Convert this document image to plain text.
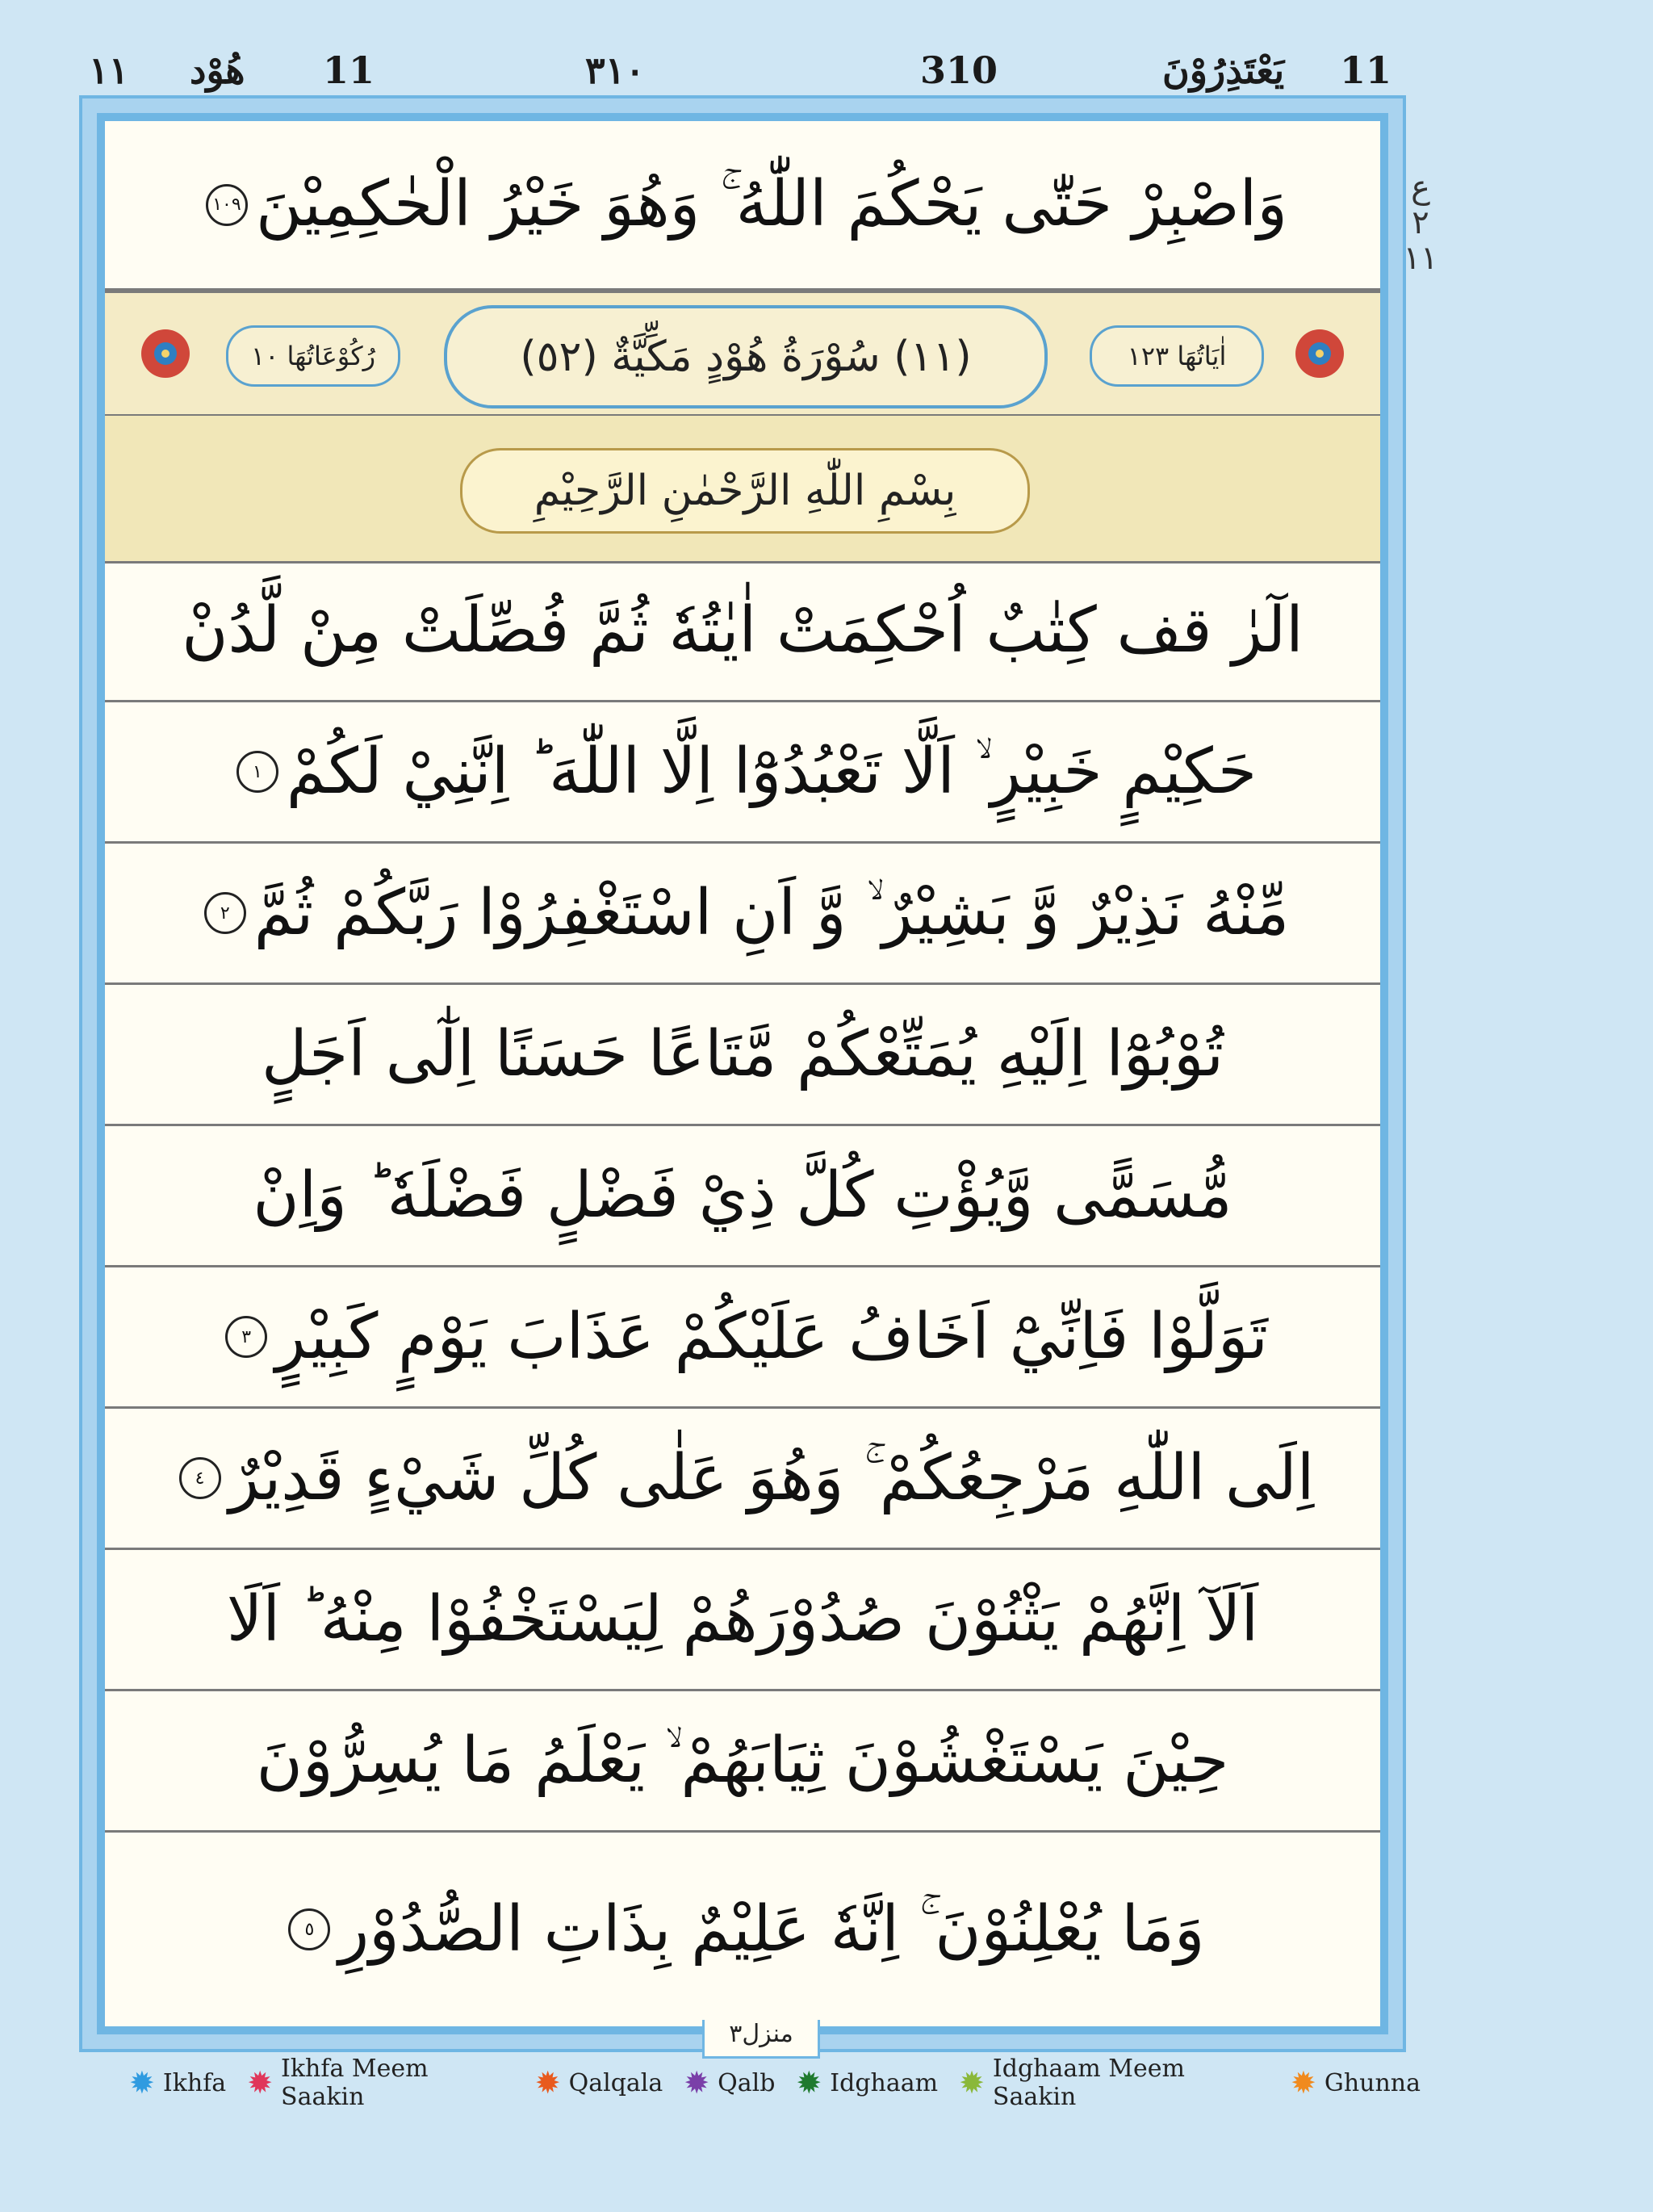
11
يَعْتَذِرُوْنَ
310
٣١٠
11
هُوْد
١١
ع ٢ ١١
وَاصْبِرْ حَتّٰى يَحْكُمَ اللّٰهُ ۚ وَهُوَ خَيْرُ الْحٰكِمِيْنَ
١٠٩
رُكُوْعَاتُهَا ١٠	(١١) سُوْرَةُ هُوْدٍ مَكِّيَّةٌ (٥٢)	اٰيَاتُهَا ١٢٣
بِسْمِ اللّٰهِ الرَّحْمٰنِ الرَّحِيْمِ
الٓرٰ قف كِتٰبٌ اُحْكِمَتْ اٰيٰتُهٗ ثُمَّ فُصِّلَتْ مِنْ لَّدُنْ
حَكِيْمٍ خَبِيْرٍ ۙ اَلَّا تَعْبُدُوْٓا اِلَّا اللّٰهَ ؕ اِنَّنِيْ لَكُمْ
١
مِّنْهُ نَذِيْرٌ وَّ بَشِيْرٌ ۙ وَّ اَنِ اسْتَغْفِرُوْا رَبَّكُمْ ثُمَّ
٢
تُوْبُوْٓا اِلَيْهِ يُمَتِّعْكُمْ مَّتَاعًا حَسَنًا اِلٰٓى اَجَلٍ
مُّسَمًّى وَّيُؤْتِ كُلَّ ذِيْ فَضْلٍ فَضْلَهٗ ؕ وَاِنْ
تَوَلَّوْا فَاِنِّيْٓ اَخَافُ عَلَيْكُمْ عَذَابَ يَوْمٍ كَبِيْرٍ
٣
اِلَى اللّٰهِ مَرْجِعُكُمْ ۚ وَهُوَ عَلٰى كُلِّ شَيْءٍ قَدِيْرٌ
٤
اَلَآ اِنَّهُمْ يَثْنُوْنَ صُدُوْرَهُمْ لِيَسْتَخْفُوْا مِنْهُ ؕ اَلَا
حِيْنَ يَسْتَغْشُوْنَ ثِيَابَهُمْ ۙ يَعْلَمُ مَا يُسِرُّوْنَ
وَمَا يُعْلِنُوْنَ ۚ اِنَّهٗ عَلِيْمٌ بِذَاتِ الصُّدُوْرِ
٥
منزل٣
✹ Ikhfa ✹ Ikhfa Meem Saakin	✹ Qalqala ✹ Qalb ✹ Idghaam ✹ Idghaam Meem Saakin	✹ Ghunna
